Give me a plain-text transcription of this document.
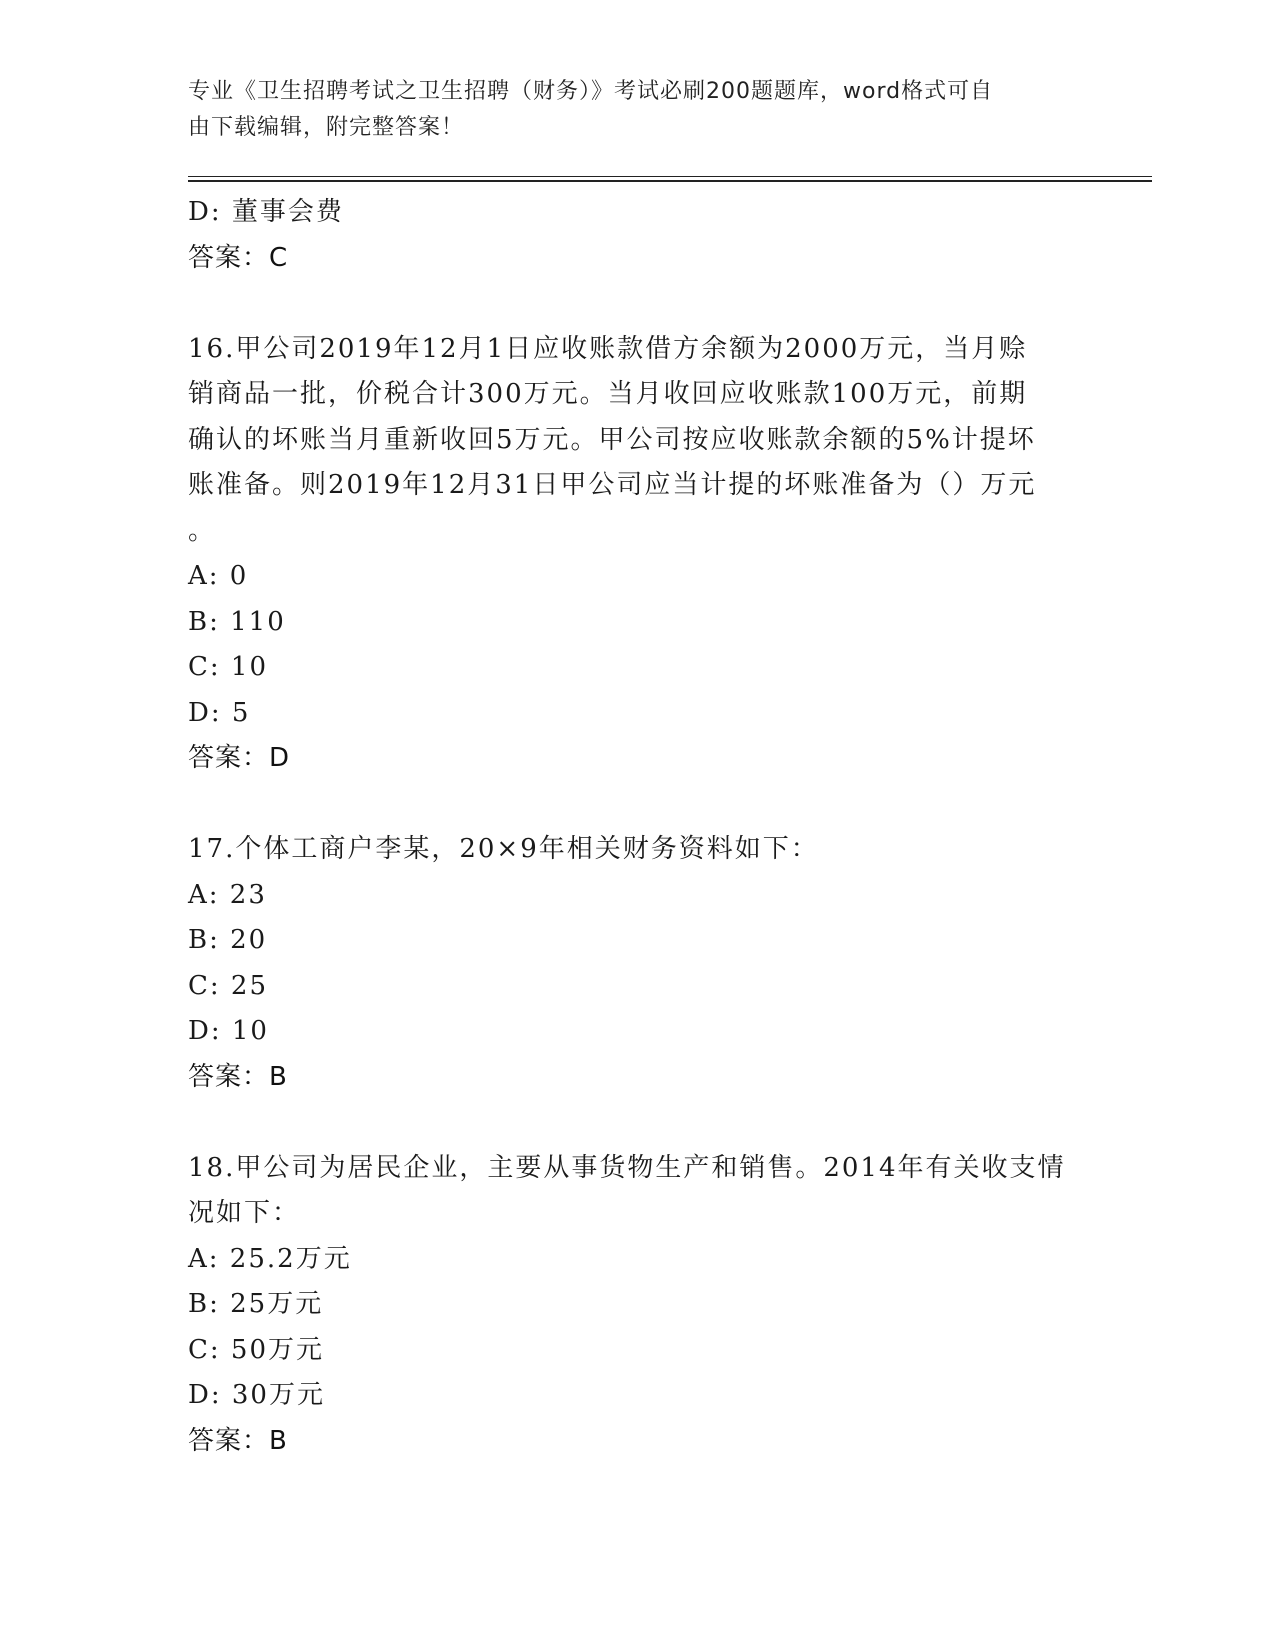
专业《卫生招聘考试之卫生招聘（财务）》考试必刷200题题库，word格式可自
由下载编辑，附完整答案！
D: 董事会费
答案：C
16.甲公司2019年12月1日应收账款借方余额为2000万元，当月赊
销商品一批，价税合计300万元。当月收回应收账款100万元，前期
确认的坏账当月重新收回5万元。甲公司按应收账款余额的5%计提坏
账准备。则2019年12月31日甲公司应当计提的坏账准备为（）万元
。
A: 0
B: 110
C: 10
D: 5
答案：D
17.个体工商户李某，20×9年相关财务资料如下：
A: 23
B: 20
C: 25
D: 10
答案：B
18.甲公司为居民企业，主要从事货物生产和销售。2014年有关收支情
况如下：
A: 25.2万元
B: 25万元
C: 50万元
D: 30万元
答案：B
